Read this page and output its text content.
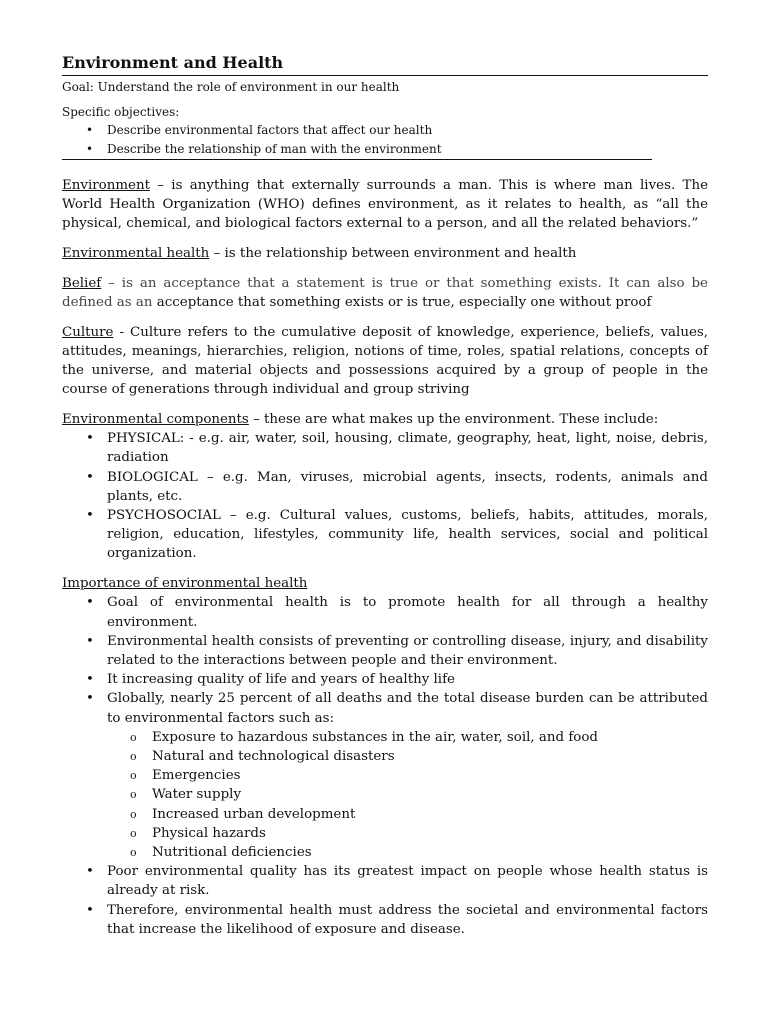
Environment and Health

Goal: Understand the role of environment in our health

Specific objectives:

• Describe environmental factors that affect our health
• Describe the relationship of man with the environment

Environment – is anything that externally surrounds a man. This is where man lives. The World Health Organization (WHO) defines environment, as it relates to health, as “all the physical, chemical, and biological factors external to a person, and all the related behaviors.”

Environmental health – is the relationship between environment and health

Belief – is an acceptance that a statement is true or that something exists. It can also be defined as an acceptance that something exists or is true, especially one without proof

Culture - Culture refers to the cumulative deposit of knowledge, experience, beliefs, values, attitudes, meanings, hierarchies, religion, notions of time, roles, spatial relations, concepts of the universe, and material objects and possessions acquired by a group of people in the course of generations through individual and group striving

Environmental components – these are what makes up the environment. These include:

• PHYSICAL: - e.g. air, water, soil, housing, climate, geography, heat, light, noise, debris, radiation
• BIOLOGICAL – e.g. Man, viruses, microbial agents, insects, rodents, animals and plants, etc.
• PSYCHOSOCIAL – e.g. Cultural values, customs, beliefs, habits, attitudes, morals, religion, education, lifestyles, community life, health services, social and political organization.

Importance of environmental health

• Goal of environmental health is to promote health for all through a healthy environment.
• Environmental health consists of preventing or controlling disease, injury, and disability related to the interactions between people and their environment.
• It increasing quality of life and years of healthy life
• Globally, nearly 25 percent of all deaths and the total disease burden can be attributed to environmental factors such as:
o Exposure to hazardous substances in the air, water, soil, and food
o Natural and technological disasters
o Emergencies
o Water supply
o Increased urban development
o Physical hazards
o Nutritional deficiencies
• Poor environmental quality has its greatest impact on people whose health status is already at risk.
• Therefore, environmental health must address the societal and environmental factors that increase the likelihood of exposure and disease.
